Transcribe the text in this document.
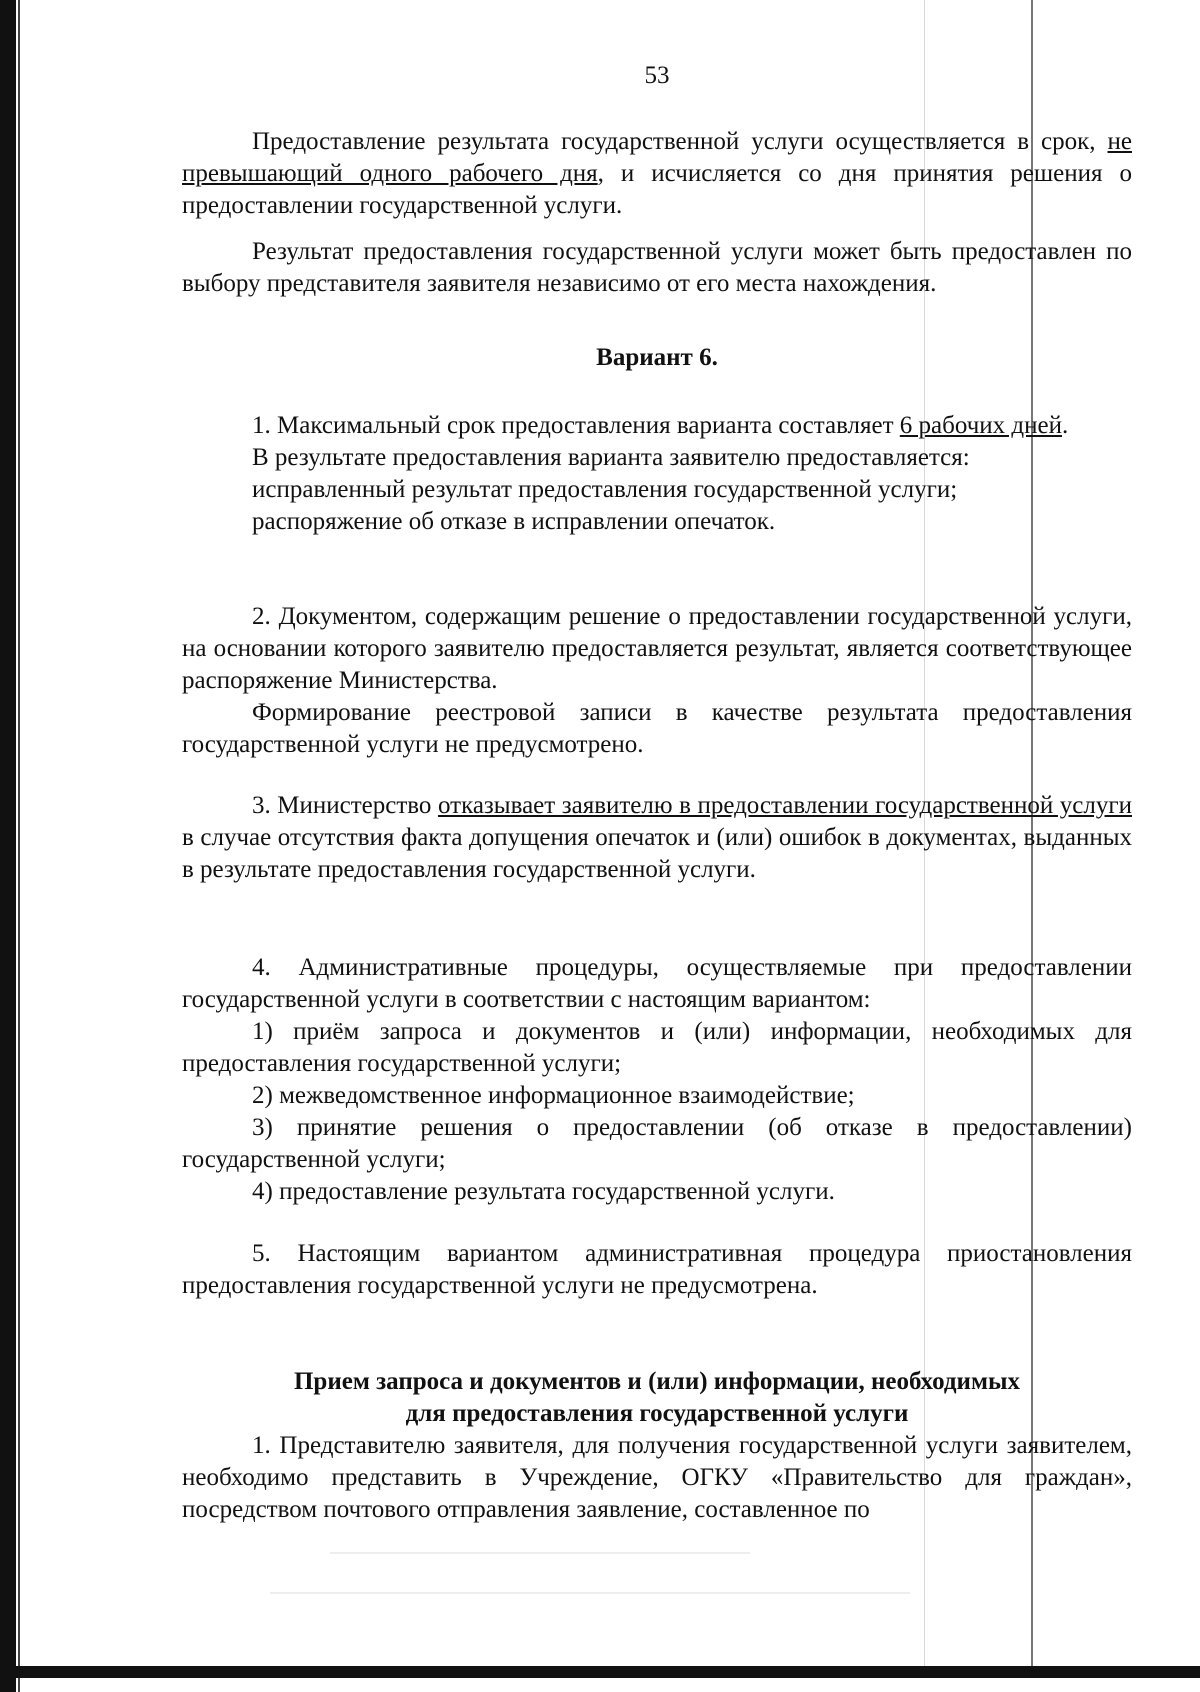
53

Предоставление результата государственной услуги осуществляется в срок, не превышающий одного рабочего дня, и исчисляется со дня принятия решения о предоставлении государственной услуги.

Результат предоставления государственной услуги может быть предоставлен по выбору представителя заявителя независимо от его места нахождения.

Вариант 6.

1. Максимальный срок предоставления варианта составляет 6 рабочих дней.

В результате предоставления варианта заявителю предоставляется:

исправленный результат предоставления государственной услуги;

распоряжение об отказе в исправлении опечаток.

2. Документом, содержащим решение о предоставлении государственной услуги, на основании которого заявителю предоставляется результат, является соответствующее распоряжение Министерства.

Формирование реестровой записи в качестве результата предоставления государственной услуги не предусмотрено.

3. Министерство отказывает заявителю в предоставлении государственной услуги в случае отсутствия факта допущения опечаток и (или) ошибок в документах, выданных в результате предоставления государственной услуги.

4. Административные процедуры, осуществляемые при предоставлении государственной услуги в соответствии с настоящим вариантом:

1) приём запроса и документов и (или) информации, необходимых для предоставления государственной услуги;

2) межведомственное информационное взаимодействие;

3) принятие решения о предоставлении (об отказе в предоставлении) государственной услуги;

4) предоставление результата государственной услуги.

5. Настоящим вариантом административная процедура приостановления предоставления государственной услуги не предусмотрена.

Прием запроса и документов и (или) информации, необходимых
для предоставления государственной услуги

1. Представителю заявителя, для получения государственной услуги заявителем, необходимо представить в Учреждение, ОГКУ «Правительство для граждан», посредством почтового отправления заявление, составленное по
